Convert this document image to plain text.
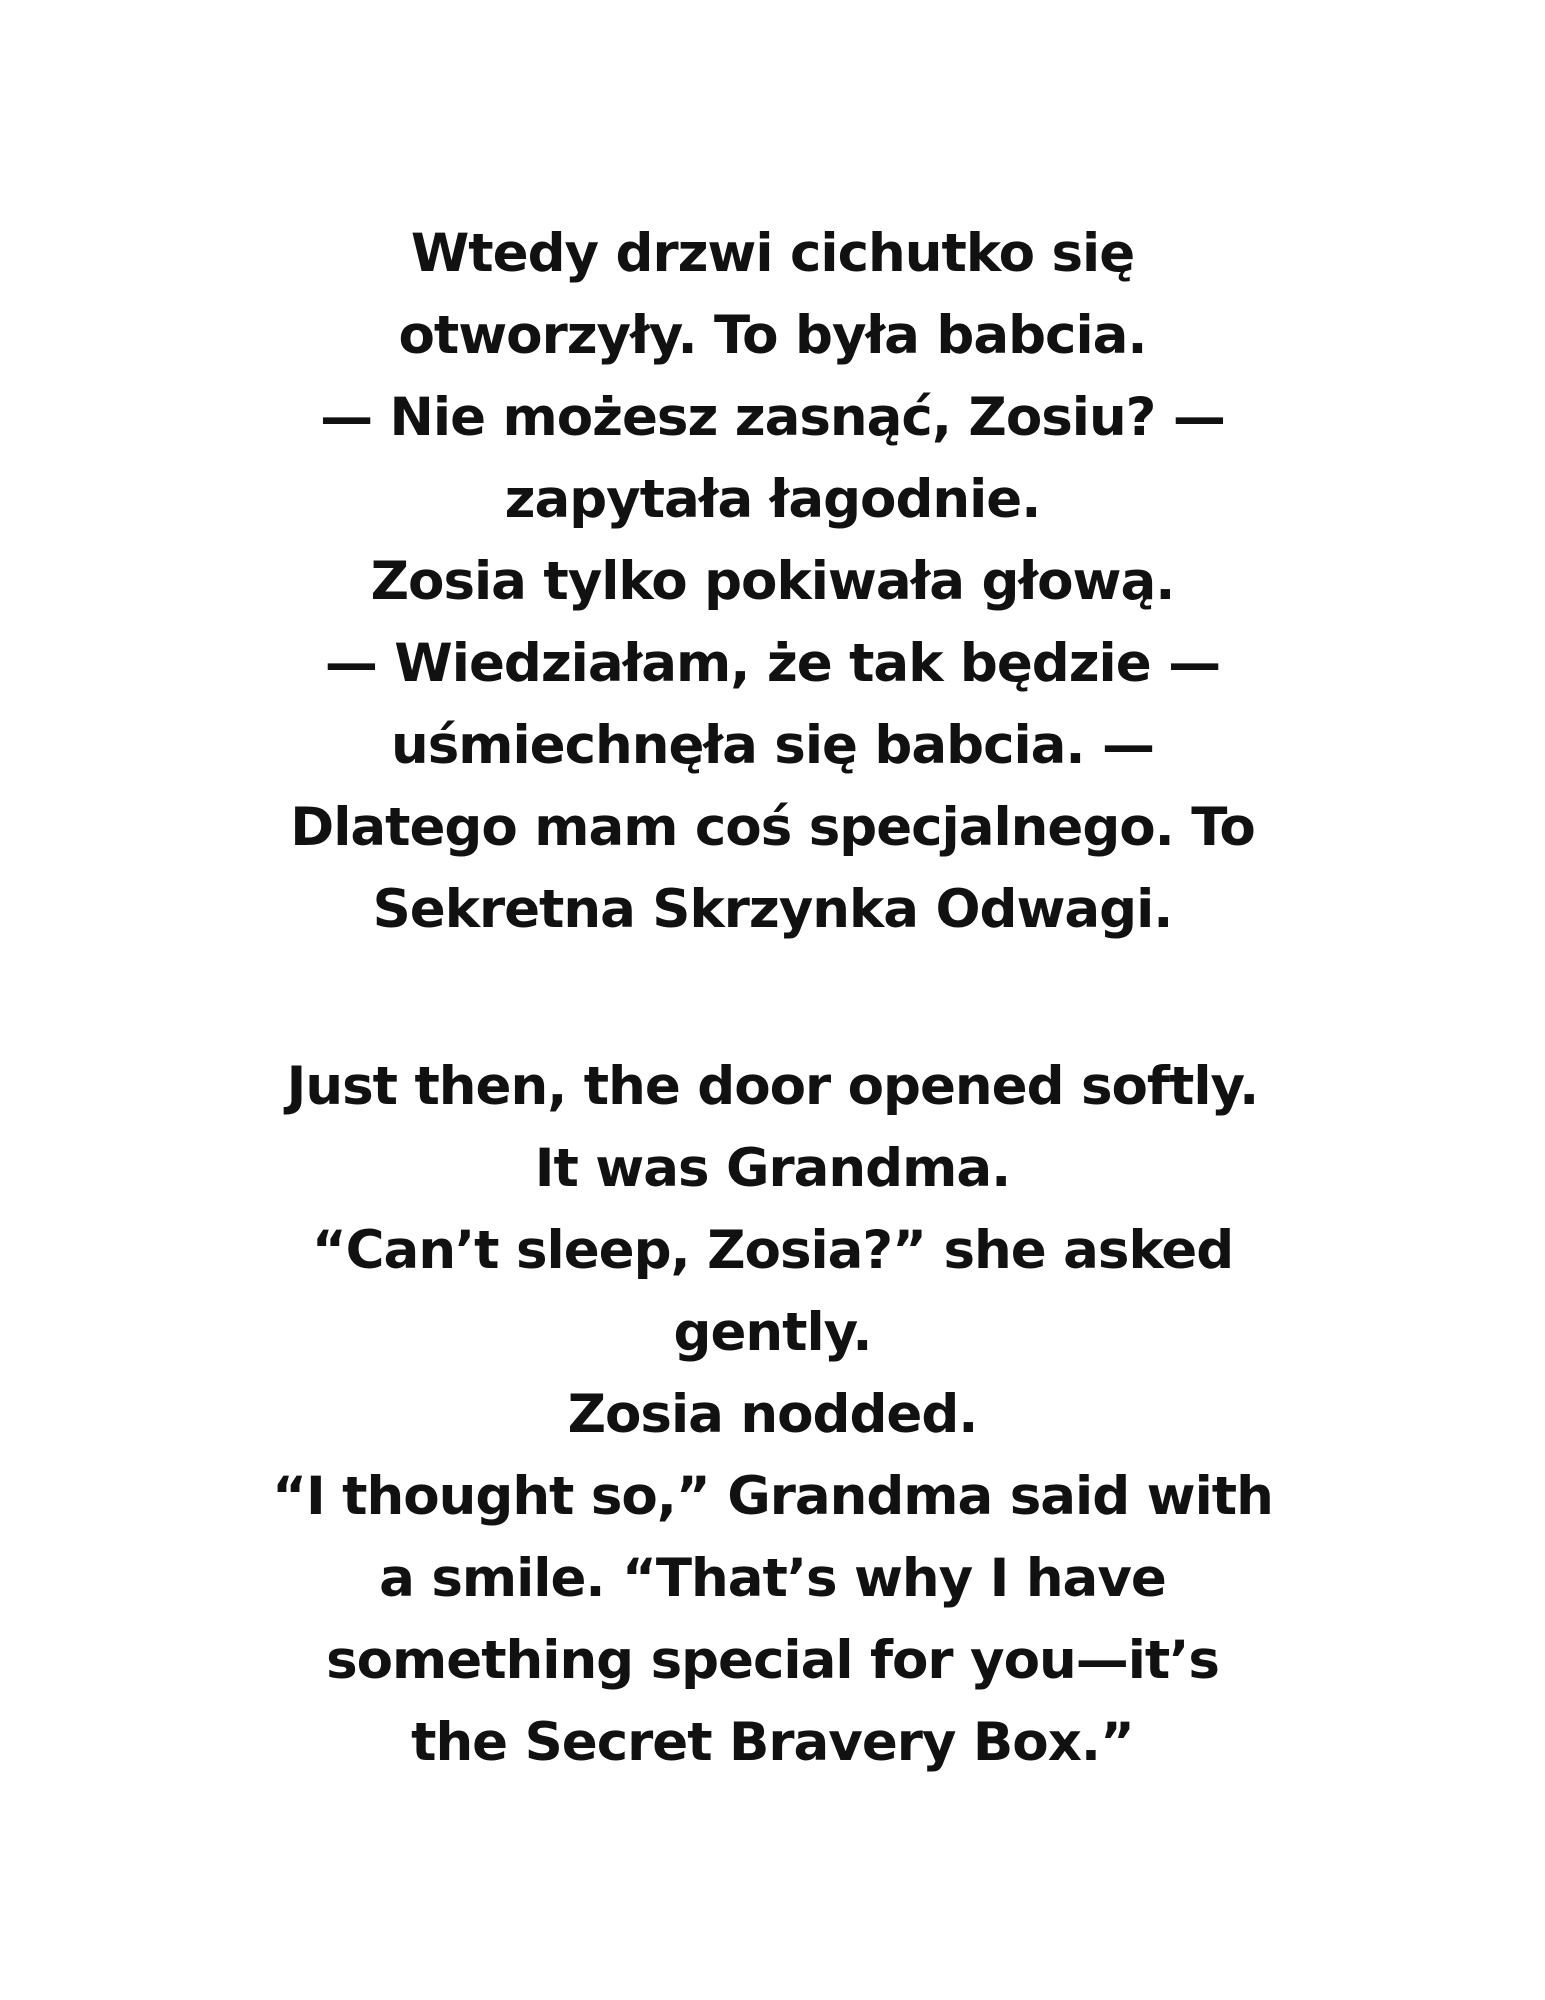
Wtedy drzwi cichutko się
otworzyły. To była babcia.
— Nie możesz zasnąć, Zosiu? —
zapytała łagodnie.
Zosia tylko pokiwała głową.
— Wiedziałam, że tak będzie —
uśmiechnęła się babcia. —
Dlatego mam coś specjalnego. To
Sekretna Skrzynka Odwagi.
Just then, the door opened softly.
It was Grandma.
“Can’t sleep, Zosia?” she asked
gently.
Zosia nodded.
“I thought so,” Grandma said with
a smile. “That’s why I have
something special for you—it’s
the Secret Bravery Box.”
